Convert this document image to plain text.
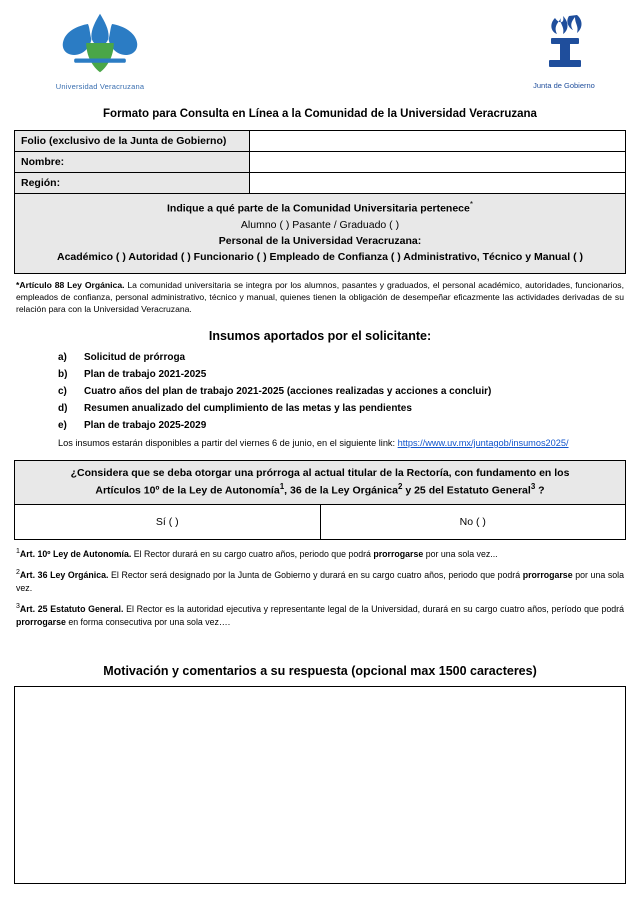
Universidad Veracruzana	Junta de Gobierno
Formato para Consulta en Línea a la Comunidad de la Universidad Veracruzana
Folio (exclusivo de la Junta de Gobierno)	
Nombre:	
Región:	

Indique a qué parte de la Comunidad Universitaria pertenece*
Alumno ( ) Pasante / Graduado ( )
Personal de la Universidad Veracruzana:
Académico ( ) Autoridad ( ) Funcionario ( ) Empleado de Confianza ( ) Administrativo, Técnico y Manual ( )	
*Artículo 88 Ley Orgánica. La comunidad universitaria se integra por los alumnos, pasantes y graduados, el personal académico, autoridades, funcionarios, empleados de confianza, personal administrativo, técnico y manual, quienes tienen la obligación de desempeñar eficazmente las actividades derivadas de su relación para con la Universidad Veracruzana.
Insumos aportados por el solicitante:
a) Solicitud de prórroga
b) Plan de trabajo 2021-2025
c) Cuatro años del plan de trabajo 2021-2025 (acciones realizadas y acciones a concluir)
d) Resumen anualizado del cumplimiento de las metas y las pendientes
e) Plan de trabajo 2025-2029
Los insumos estarán disponibles a partir del viernes 6 de junio, en el siguiente link: https://www.uv.mx/juntagob/insumos2025/
¿Considera que se deba otorgar una prórroga al actual titular de la Rectoría, con fundamento en los
Artículos 10º de la Ley de Autonomía$^1$, 36 de la Ley Orgánica$^2$ y 25 del Estatuto General$^3$ ?

Sí ( )	No ( )
$^1$Art. 10º Ley de Autonomía. El Rector durará en su cargo cuatro años, periodo que podrá prorrogarse por una sola vez...
$^2$Art. 36 Ley Orgánica. El Rector será designado por la Junta de Gobierno y durará en su cargo cuatro años, periodo que podrá prorrogarse por una sola vez.
$^3$Art. 25 Estatuto General. El Rector es la autoridad ejecutiva y representante legal de la Universidad, durará en su cargo cuatro años, período que podrá prorrogarse en forma consecutiva por una sola vez….
Motivación y comentarios a su respuesta (opcional max 1500 caracteres)
